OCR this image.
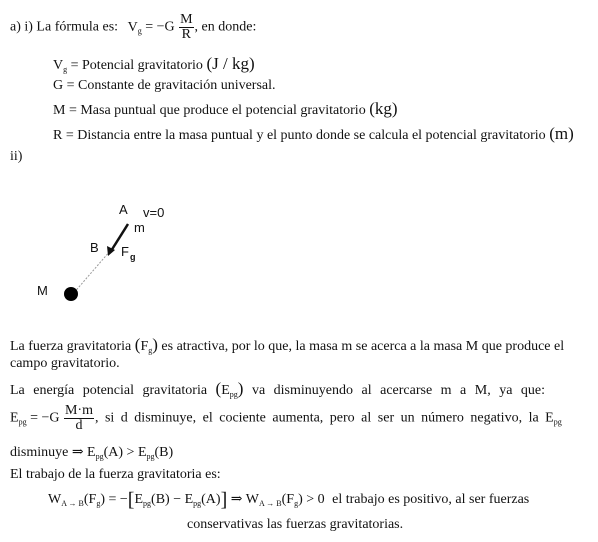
a) i) La fórmula es: $V_g = -G \frac{M}{R}$ , en donde:
$V_g$ = Potencial gravitatorio (J / kg)
G = Constante de gravitación universal.
M = Masa puntual que produce el potencial gravitatorio (kg)
R = Distancia entre la masa puntual y el punto donde se calcula el potencial gravitatorio (m)
ii)
A v=0
m
B F g
M
La fuerza gravitatoria $(F_g)$ es atractiva, por lo que, la masa m se acerca a la masa M que produce el
campo gravitatorio.
La energía potencial gravitatoria $(E_{pg})$ va disminuyendo al acercarse m a M, ya que:
$E_{pg} = -G \frac{M\cdot m}{d}$ , si d disminuye, el cociente aumenta, pero al ser un número negativo, la $E_{pg}$
disminuye ⇒ $E_{pg}(A) > E_{pg}(B)$
El trabajo de la fuerza gravitatoria es:
$W_{A \to B}(F_g) = -[E_{pg}(B) - E_{pg}(A)]$ ⇒ $W_{A \to B}(F_g) > 0$ el trabajo es positivo, al ser fuerzas
conservativas las fuerzas gravitatorias.
